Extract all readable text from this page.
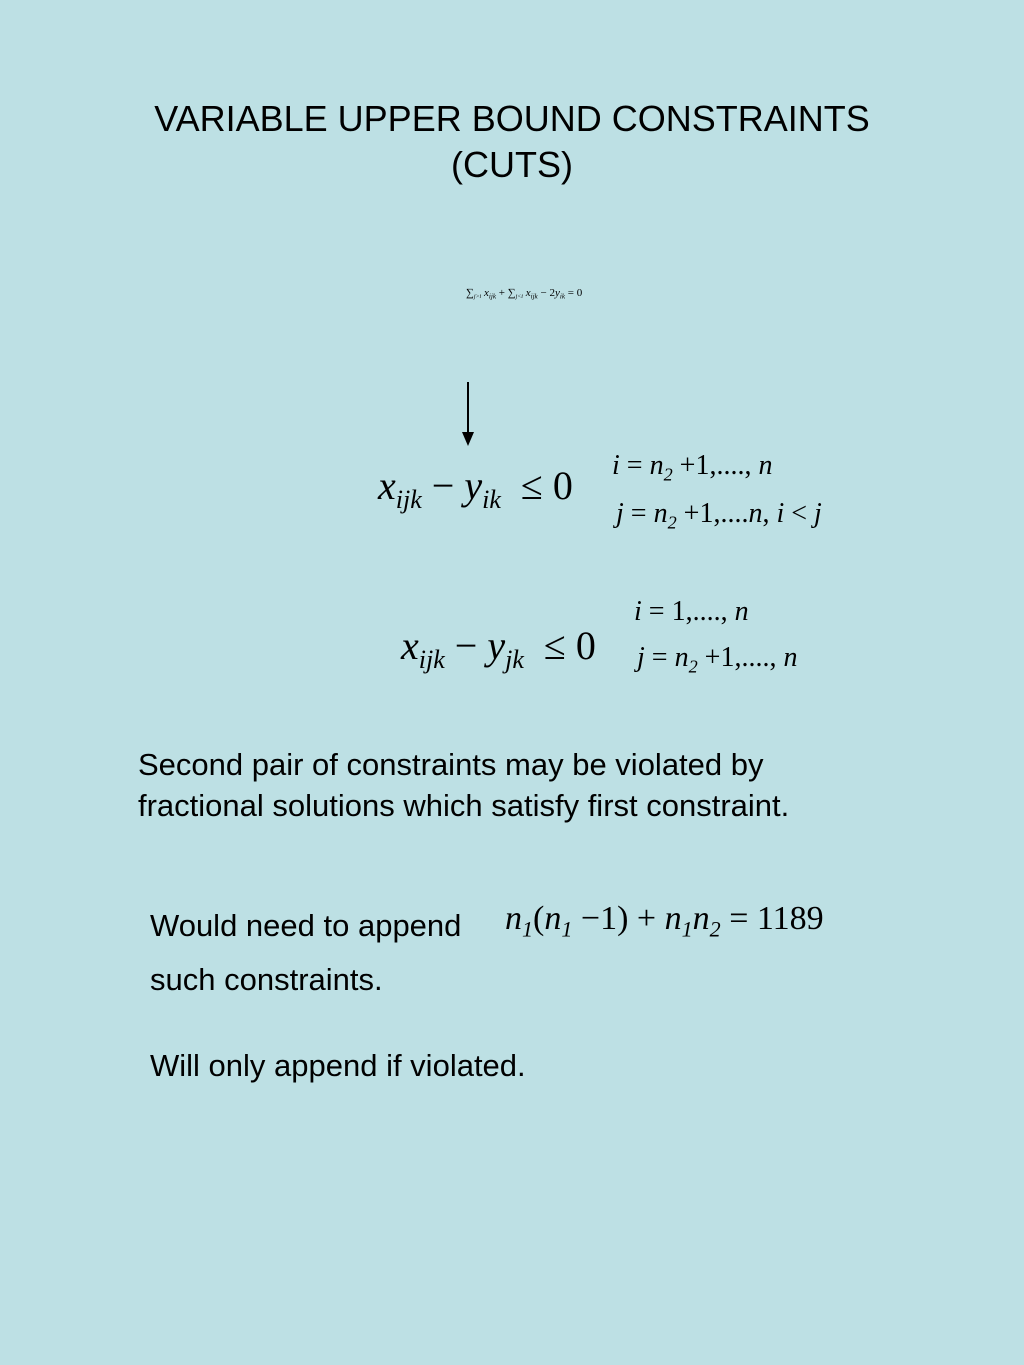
VARIABLE UPPER BOUND CONSTRAINTS
(CUTS)
$\sum_{j>i}$ $x_{ijk} + \sum_{j<i}$ $x_{ijk} - 2y_{ik} = 0$
$x_{ijk} - y_{ik} \le 0$ $i = n_2 +1$,...., n
$j = n_2 +1,....n$, i < j
$x_{ijk} - y_{jk} \le 0$
i = 1,...., n
$j = n_2 +1$,...., n
Second pair of constraints may be violated by
fractional solutions which satisfy first constraint.
Would need to append $n_1(n_1 -1) + n_1n_2 = 1189$
such constraints.
Will only append if violated.
